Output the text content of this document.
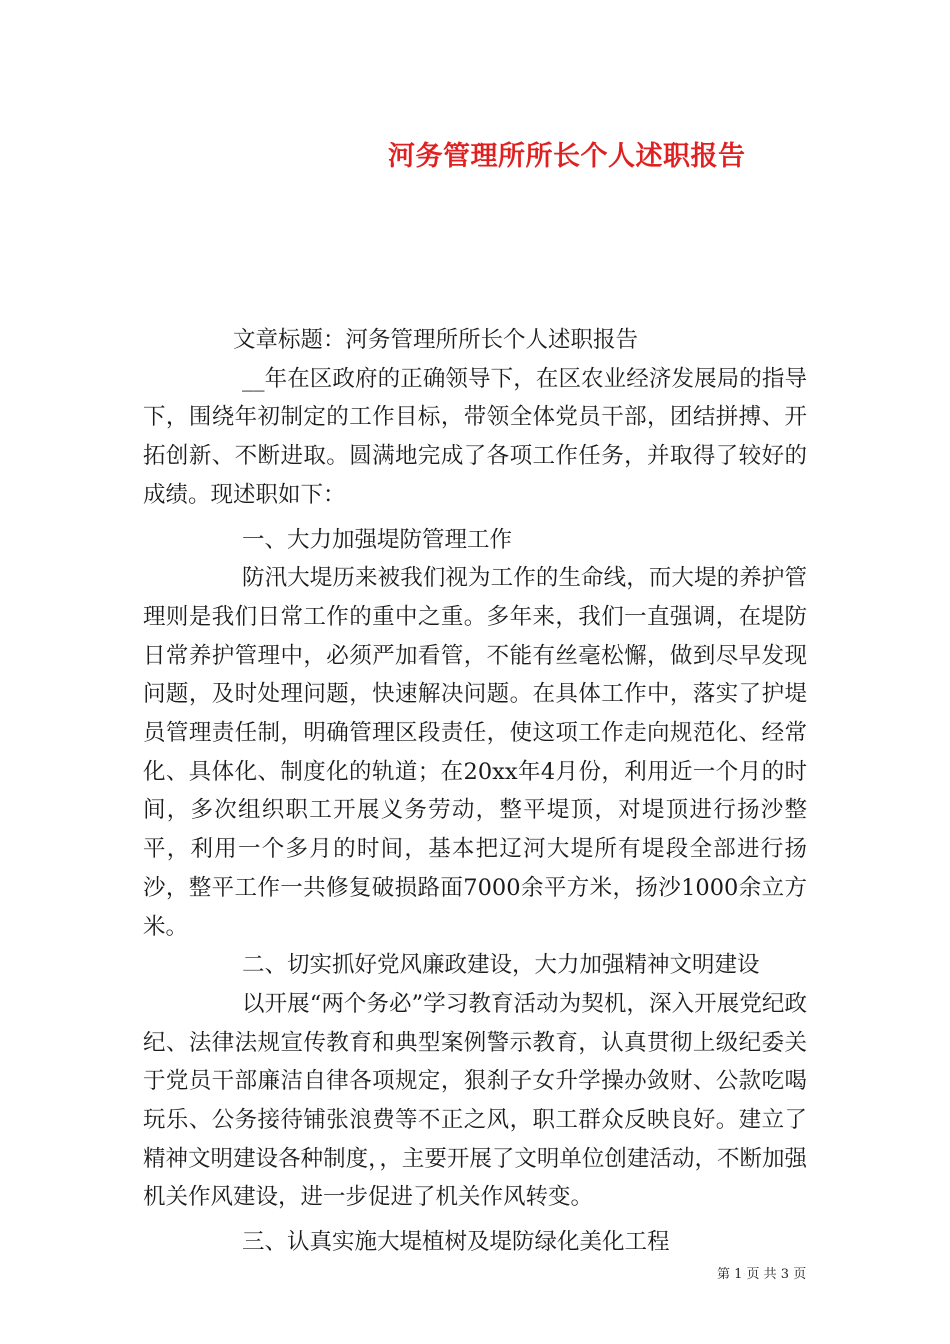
河务管理所所长个人述职报告

文章标题：河务管理所所长个人述职报告

__年在区政府的正确领导下，在区农业经济发展局的指导下，围绕年初制定的工作目标，带领全体党员干部，团结拼搏、开拓创新、不断进取。圆满地完成了各项工作任务，并取得了较好的成绩。现述职如下：

一、大力加强堤防管理工作

防汛大堤历来被我们视为工作的生命线，而大堤的养护管理则是我们日常工作的重中之重。多年来，我们一直强调，在堤防日常养护管理中，必须严加看管，不能有丝毫松懈，做到尽早发现问题，及时处理问题，快速解决问题。在具体工作中，落实了护堤员管理责任制，明确管理区段责任，使这项工作走向规范化、经常化、具体化、制度化的轨道；在20xx年4月份，利用近一个月的时间，多次组织职工开展义务劳动，整平堤顶，对堤顶进行扬沙整平，利用一个多月的时间，基本把辽河大堤所有堤段全部进行扬沙，整平工作一共修复破损路面7000余平方米，扬沙1000余立方米。

二、切实抓好党风廉政建设，大力加强精神文明建设

以开展“两个务必”学习教育活动为契机，深入开展党纪政纪、法律法规宣传教育和典型案例警示教育，认真贯彻上级纪委关于党员干部廉洁自律各项规定，狠刹子女升学操办敛财、公款吃喝玩乐、公务接待铺张浪费等不正之风，职工群众反映良好。建立了精神文明建设各种制度，，主要开展了文明单位创建活动，不断加强机关作风建设，进一步促进了机关作风转变。

三、认真实施大堤植树及堤防绿化美化工程

第 1 页 共 3 页
